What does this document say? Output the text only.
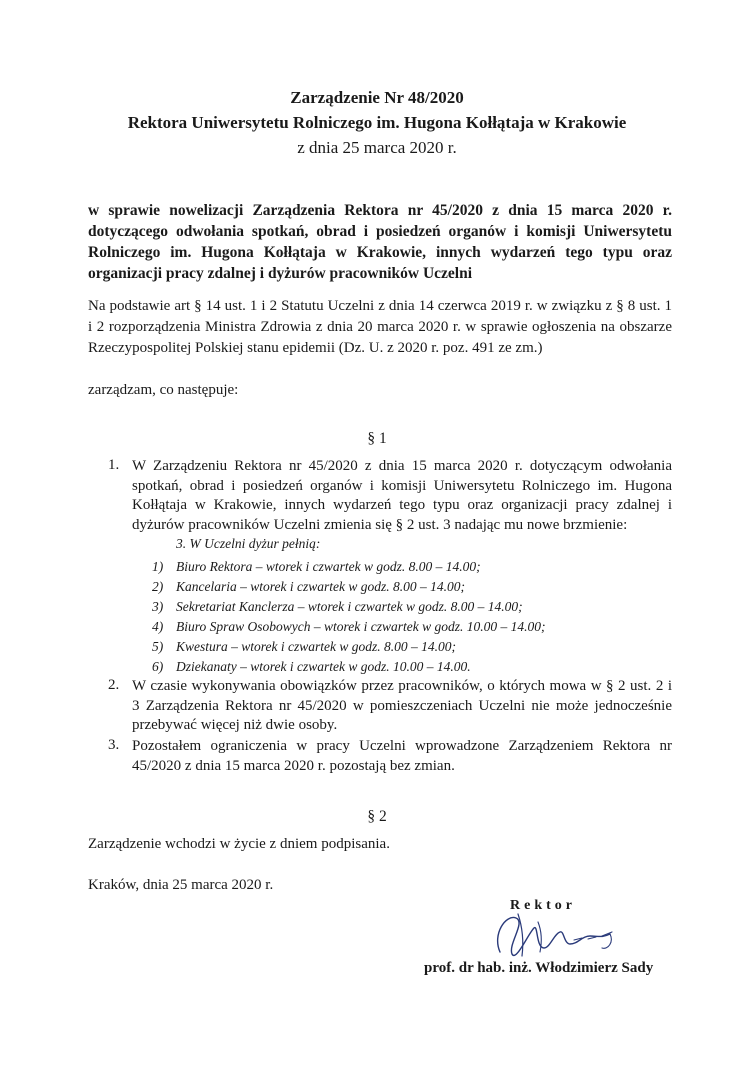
Zarządzenie Nr 48/2020
Rektora Uniwersytetu Rolniczego im. Hugona Kołłątaja w Krakowie
z dnia 25 marca 2020 r.
w sprawie nowelizacji Zarządzenia Rektora nr 45/2020 z dnia 15 marca 2020 r. dotyczącego odwołania spotkań, obrad i posiedzeń organów i komisji Uniwersytetu Rolniczego im. Hugona Kołłątaja w Krakowie, innych wydarzeń tego typu oraz organizacji pracy zdalnej i dyżurów pracowników Uczelni
Na podstawie art § 14 ust. 1 i 2 Statutu Uczelni z dnia 14 czerwca 2019 r. w związku z § 8 ust. 1 i 2 rozporządzenia Ministra Zdrowia z dnia 20 marca 2020 r. w sprawie ogłoszenia na obszarze Rzeczypospolitej Polskiej stanu epidemii (Dz. U. z 2020 r. poz. 491 ze zm.)
zarządzam, co następuje:
§ 1
1. W Zarządzeniu Rektora nr 45/2020 z dnia 15 marca 2020 r. dotyczącym odwołania spotkań, obrad i posiedzeń organów i komisji Uniwersytetu Rolniczego im. Hugona Kołłątaja w Krakowie, innych wydarzeń tego typu oraz organizacji pracy zdalnej i dyżurów pracowników Uczelni zmienia się § 2 ust. 3 nadając mu nowe brzmienie:
3. W Uczelni dyżur pełnią:
1) Biuro Rektora – wtorek i czwartek w godz. 8.00 – 14.00;
2) Kancelaria – wtorek i czwartek w godz. 8.00 – 14.00;
3) Sekretariat Kanclerza – wtorek i czwartek w godz. 8.00 – 14.00;
4) Biuro Spraw Osobowych – wtorek i czwartek w godz. 10.00 – 14.00;
5) Kwestura – wtorek i czwartek w godz. 8.00 – 14.00;
6) Dziekanaty – wtorek i czwartek w godz. 10.00 – 14.00.
2. W czasie wykonywania obowiązków przez pracowników, o których mowa w § 2 ust. 2 i 3 Zarządzenia Rektora nr 45/2020 w pomieszczeniach Uczelni nie może jednocześnie przebywać więcej niż dwie osoby.
3. Pozostałem ograniczenia w pracy Uczelni wprowadzone Zarządzeniem Rektora nr 45/2020 z dnia 15 marca 2020 r. pozostają bez zmian.
§ 2
Zarządzenie wchodzi w życie z dniem podpisania.
Kraków, dnia 25 marca 2020 r.
Rektor
prof. dr hab. inż. Włodzimierz Sady
